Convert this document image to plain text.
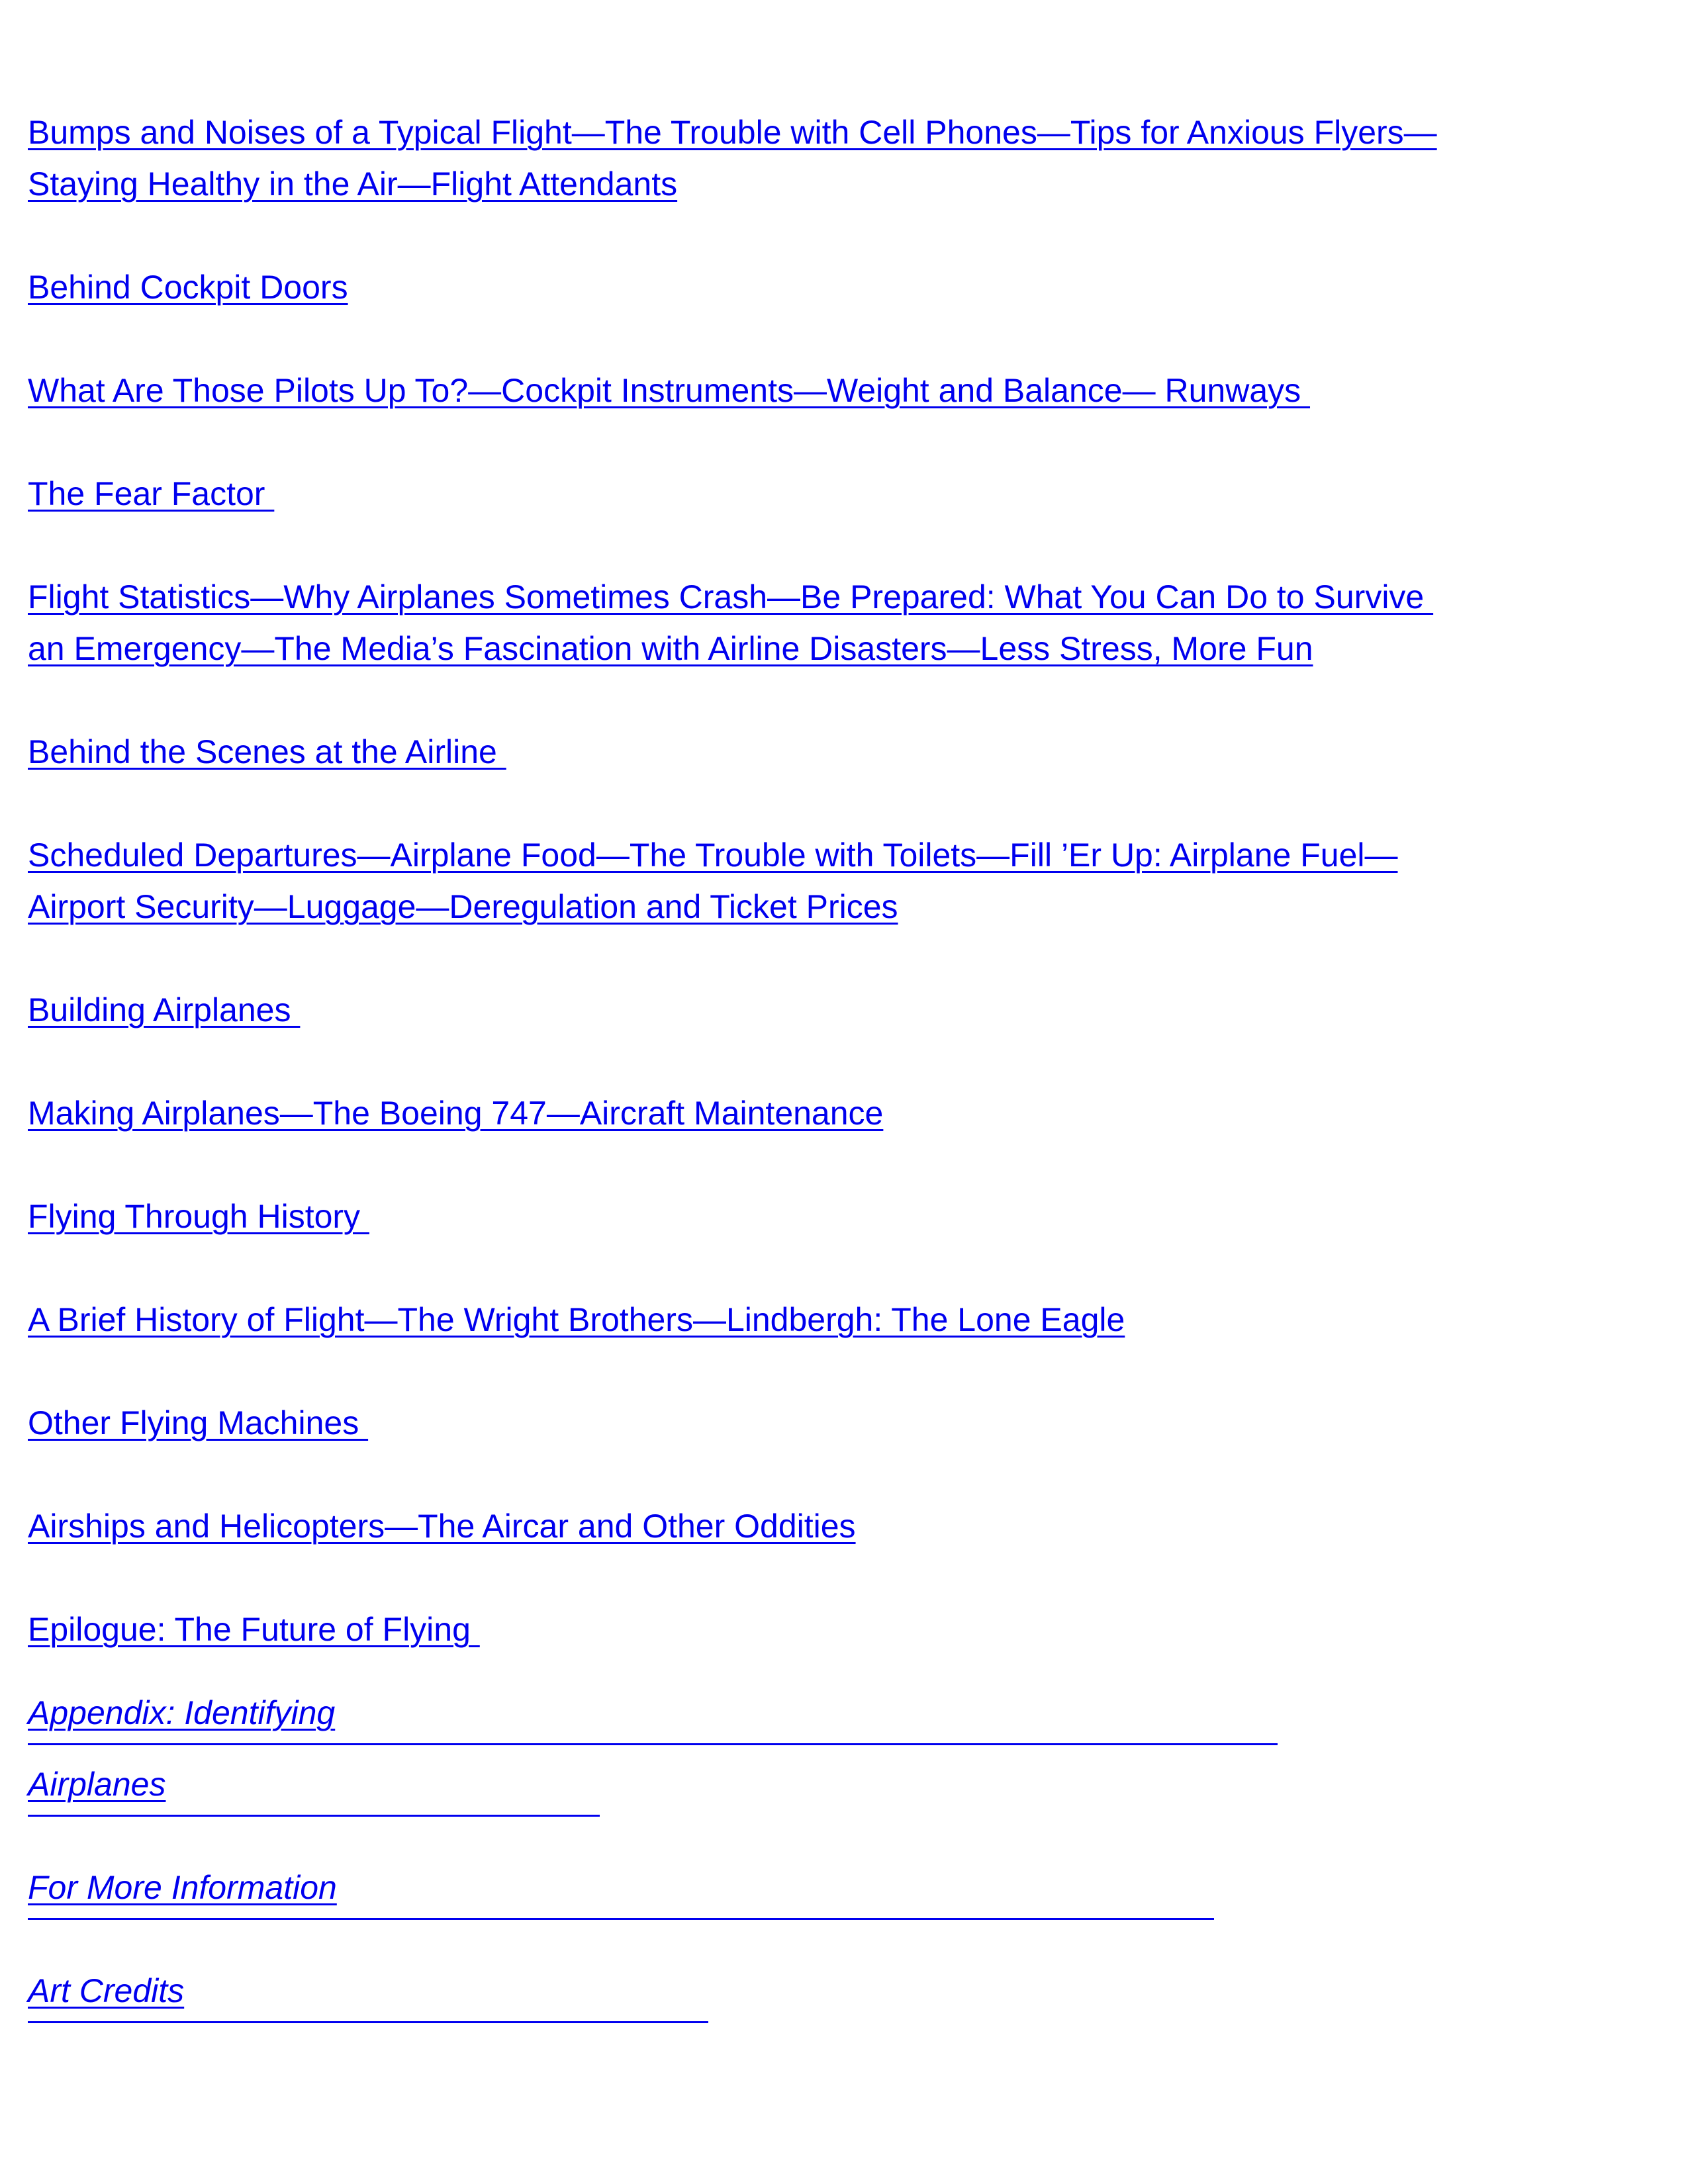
Bumps and Noises of a Typical Flight—The Trouble with Cell Phones—Tips for Anxious Flyers—
Staying Healthy in the Air—Flight Attendants
Behind Cockpit Doors
What Are Those Pilots Up To?—Cockpit Instruments—Weight and Balance— Runways
The Fear Factor
Flight Statistics—Why Airplanes Sometimes Crash—Be Prepared: What You Can Do to Survive
an Emergency—The Media’s Fascination with Airline Disasters—Less Stress, More Fun
Behind the Scenes at the Airline
Scheduled Departures—Airplane Food—The Trouble with Toilets—Fill ’Er Up: Airplane Fuel—
Airport Security—Luggage—Deregulation and Ticket Prices
Building Airplanes
Making Airplanes—The Boeing 747—Aircraft Maintenance
Flying Through History
A Brief History of Flight—The Wright Brothers—Lindbergh: The Lone Eagle
Other Flying Machines
Airships and Helicopters—The Aircar and Other Oddities
Epilogue: The Future of Flying
Appendix: Identifying
Airplanes
For More Information
Art Credits
